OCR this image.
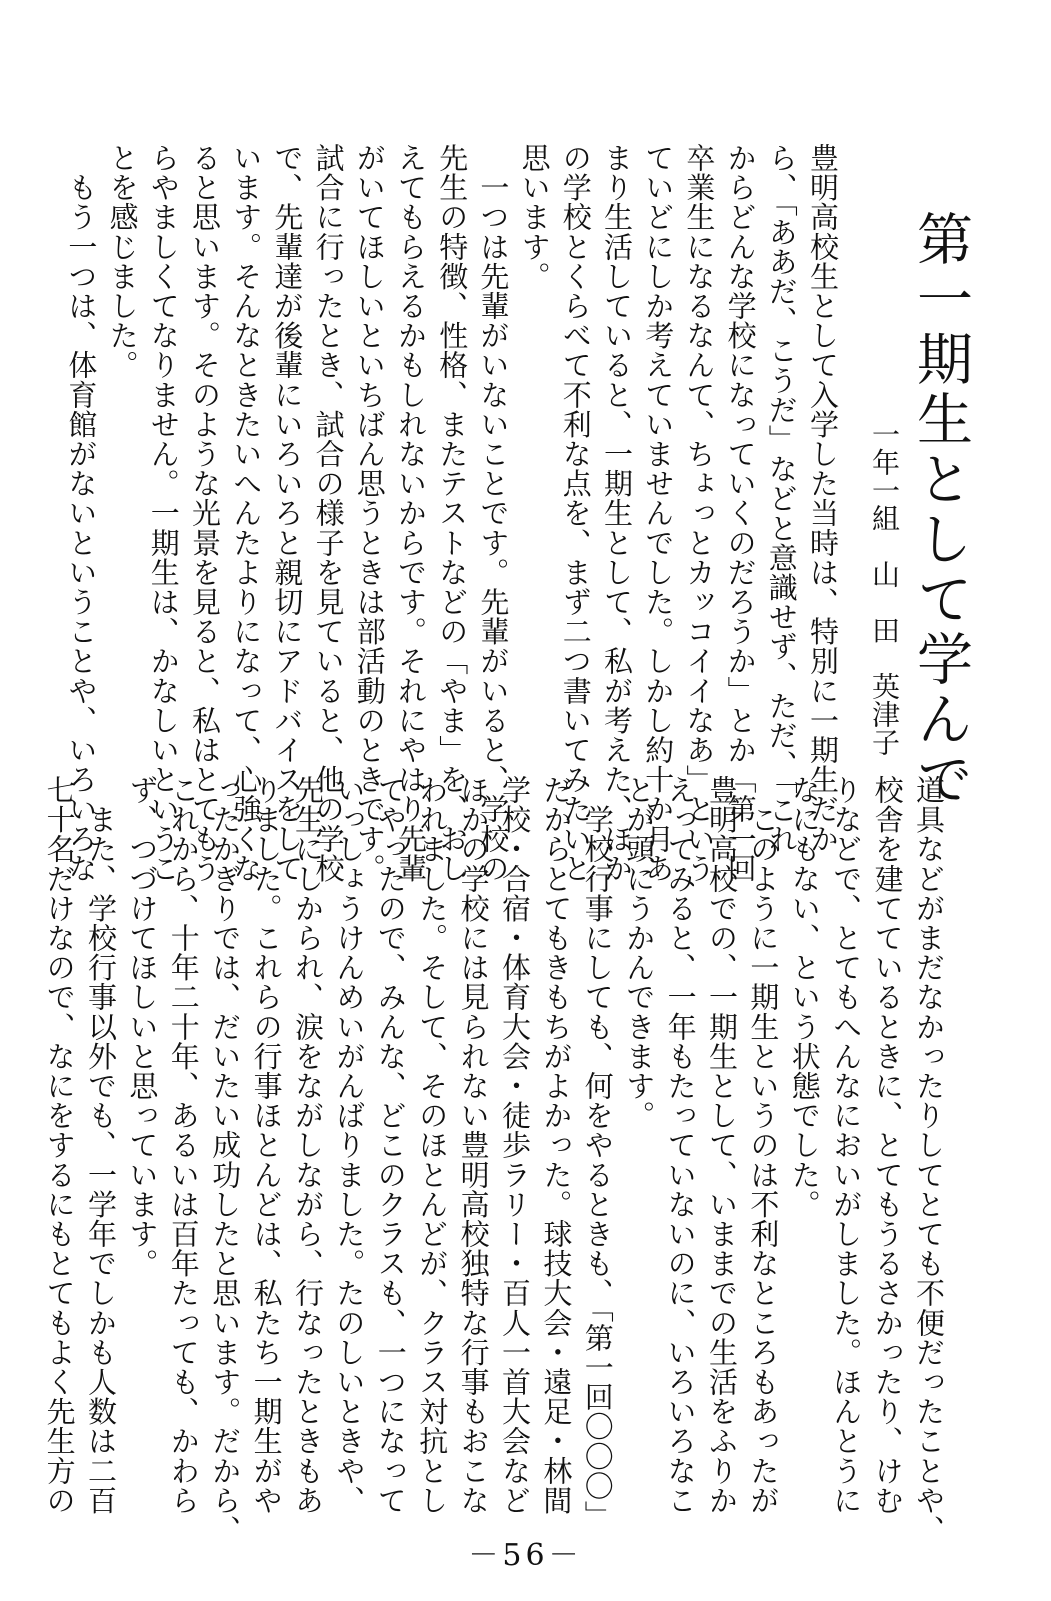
第一期生として学んで
一年一組　山　田　英津子
豊明高校生として入学した当時は、特別に一期生だか
ら、「ああだ、こうだ」などと意識せず、ただ、「これ
からどんな学校になっていくのだろうか」とか「第一回
卒業生になるなんて、ちょっとカッコイイなあ」という
ていどにしか考えていませんでした。しかし約十か月あ
まり生活していると、一期生として、私が考えた、ほか
の学校とくらべて不利な点を、まず二つ書いてみたいと
思います。
　一つは先輩がいないことです。先輩がいると、学校の
先生の特徴、性格、またテストなどの「やま」を、おし
えてもらえるかもしれないからです。それにやはり先輩
がいてほしいといちばん思うときは部活動のときです。
試合に行ったとき、試合の様子を見ていると、他の学校
で、先輩達が後輩にいろいろと親切にアドバイスをして
います。そんなときたいへんたよりになって、心強くな
ると思います。そのような光景を見ると、私はとてもう
らやましくてなりません。一期生は、かなしいというこ
とを感じました。
　もう一つは、体育館がないということや、いろいろな
道具などがまだなかったりしてとても不便だったことや、
校舎を建てているときに、とてもうるさかったり、けむ
りなどで、とてもへんなにおいがしました。ほんとうに
なにもない、という状態でした。
　このように一期生というのは不利なところもあったが
豊明高校での、一期生として、いままでの生活をふりか
えってみると、一年もたっていないのに、いろいろなこ
とが頭にうかんできます。
　学校行事にしても、何をやるときも、「第一回〇〇〇」
だからとてもきもちがよかった。球技大会・遠足・林間
学校・合宿・体育大会・徒歩ラリー・百人一首大会など
ほかの学校には見られない豊明高校独特な行事もおこな
われました。そして、そのほとんどが、クラス対抗とし
てやったので、みんな、どこのクラスも、一つになって
いっしょうけんめいがんばりました。たのしいときや、
先生にしかられ、涙をながしながら、行なったときもあ
りました。これらの行事ほとんどは、私たち一期生がや
ったかぎりでは、だいたい成功したと思います。だから、
これから、十年二十年、あるいは百年たっても、かわら
ず、つづけてほしいと思っています。
　また、学校行事以外でも、一学年でしかも人数は二百
七十名だけなので、なにをするにもとてもよく先生方の
－56－
